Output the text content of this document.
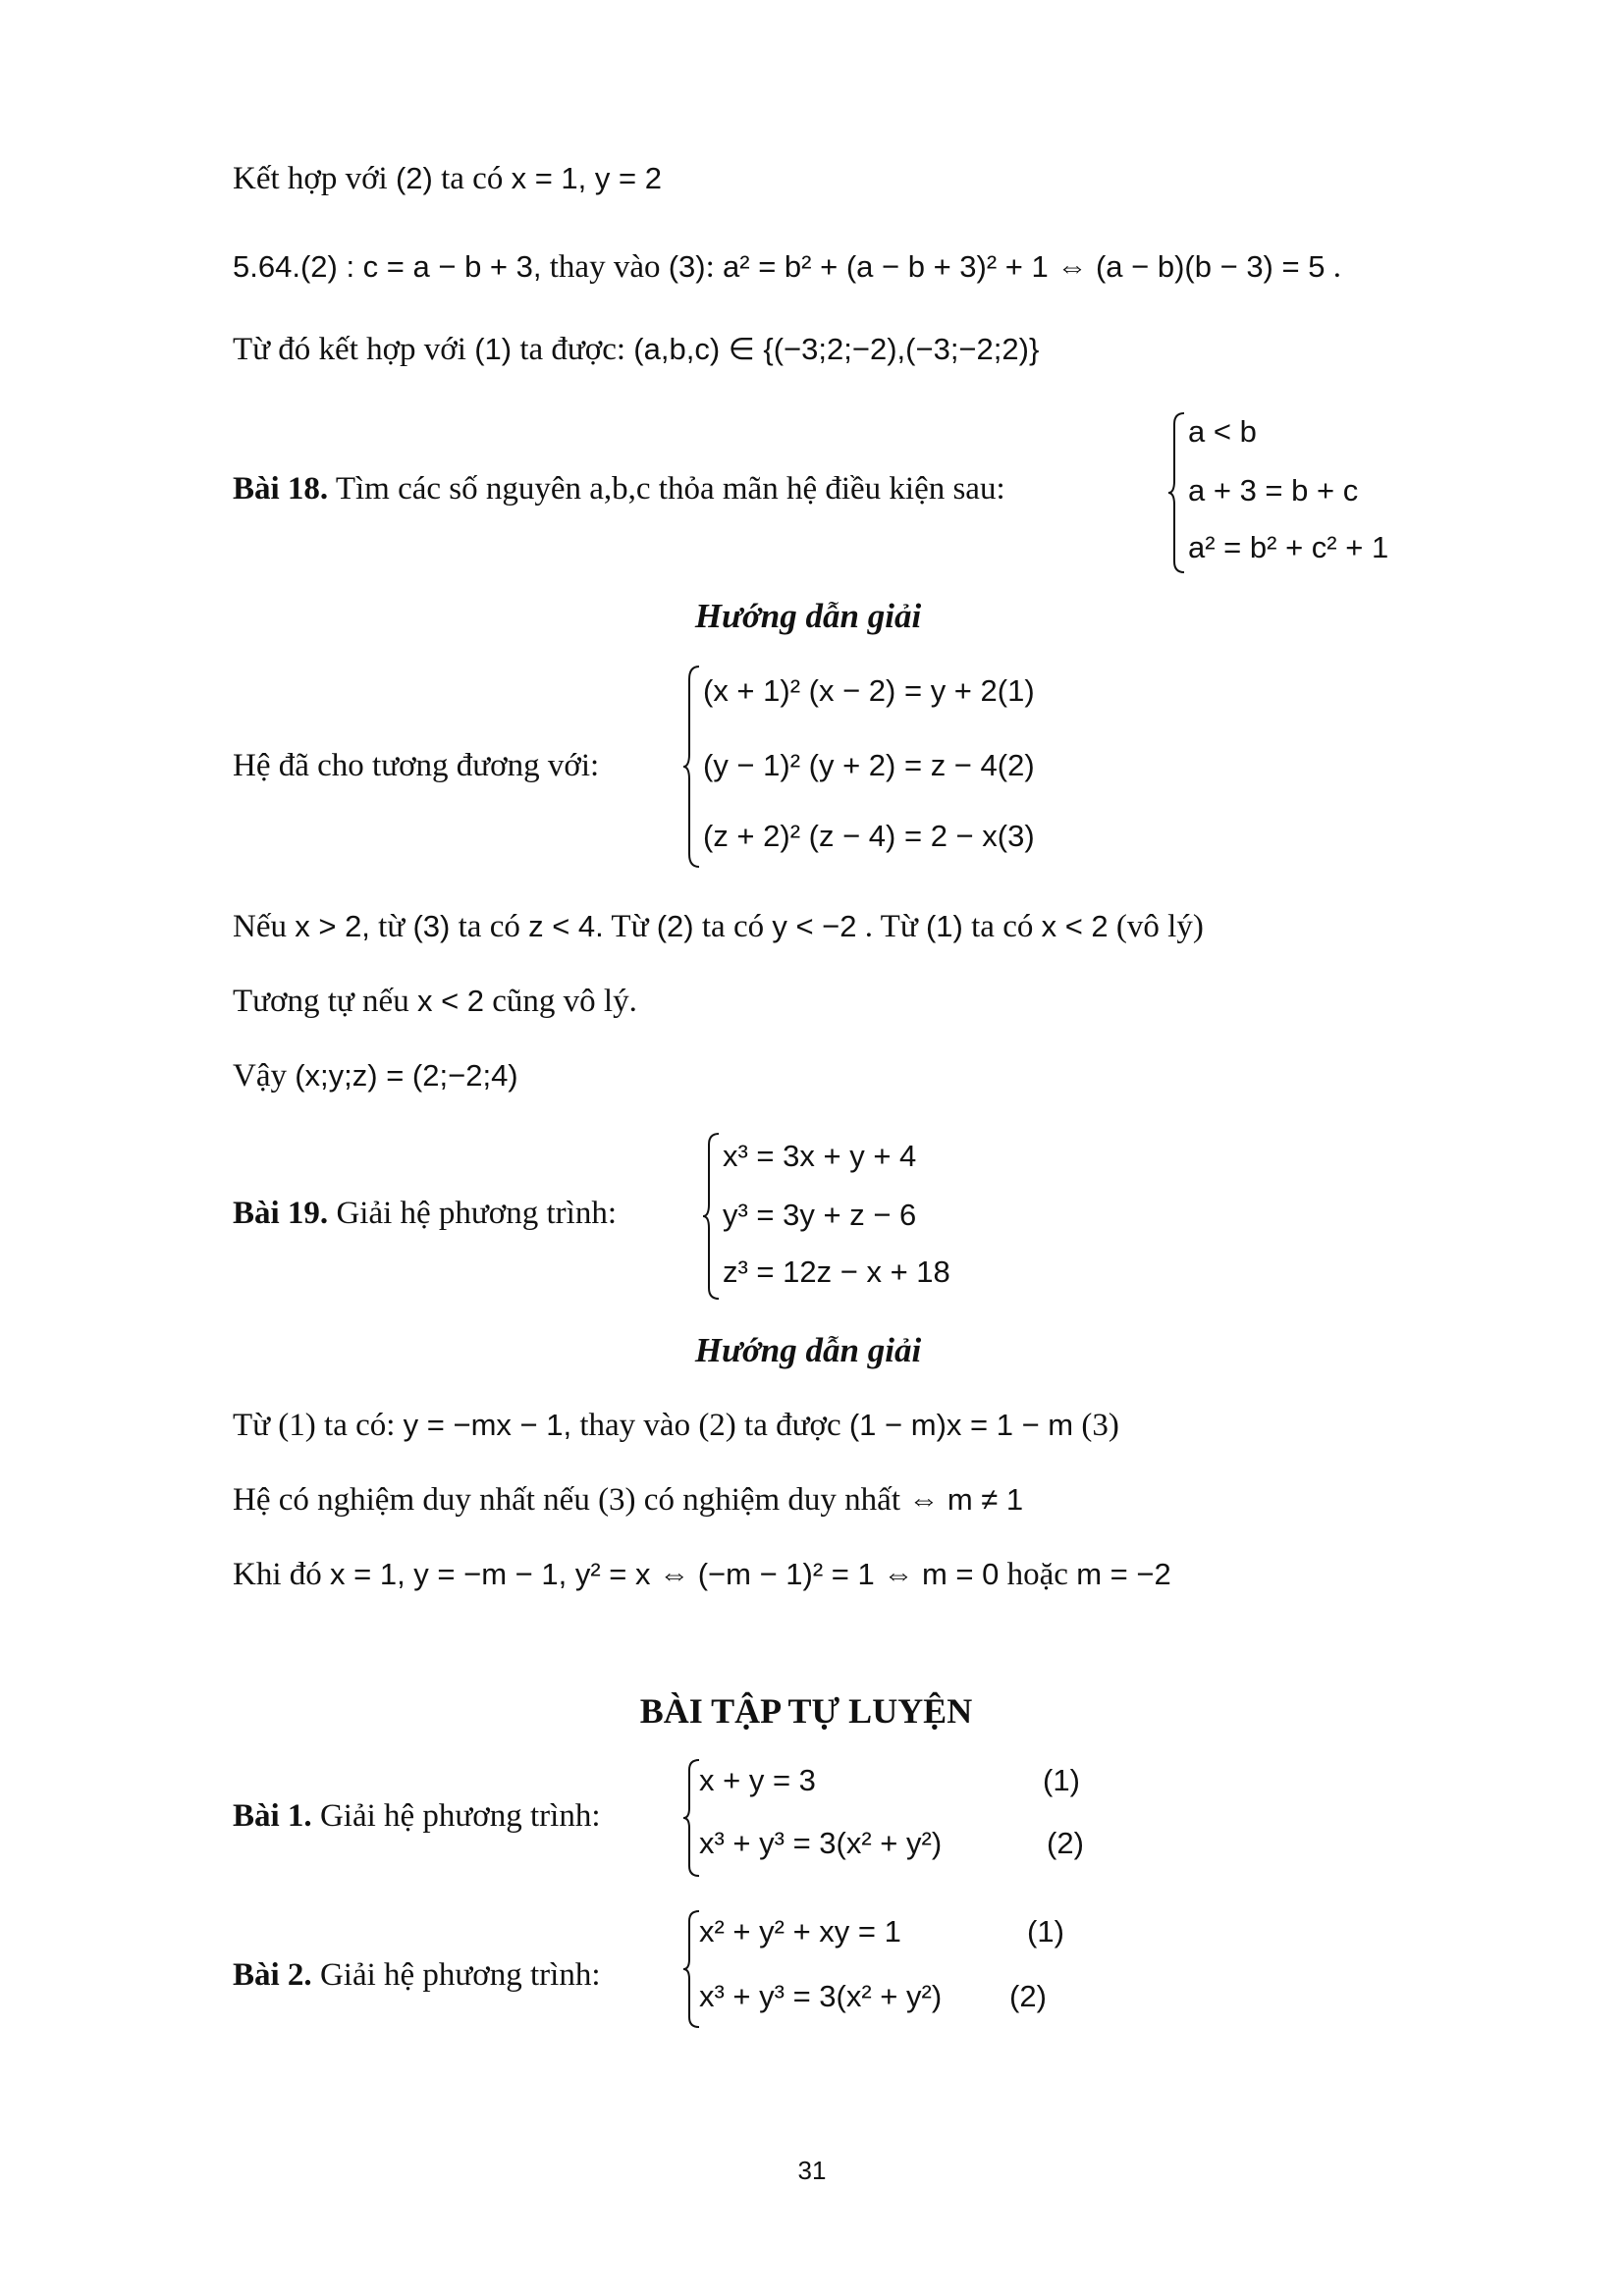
Kết hợp với (2) ta có x = 1, y = 2
5.64.(2) : c = a − b + 3, thay vào (3): a² = b² + (a − b + 3)² + 1 ⇔ (a − b)(b − 3) = 5 .
Từ đó kết hợp với (1) ta được: (a,b,c) ∈ {(−3;2;−2),(−3;−2;2)}
Bài 18. Tìm các số nguyên a,b,c thỏa mãn hệ điều kiện sau:
a < b
a + 3 = b + c
a² = b² + c² + 1
Hướng dẫn giải
Hệ đã cho tương đương với:
(x + 1)² (x − 2) = y + 2(1)
(y − 1)² (y + 2) = z − 4(2)
(z + 2)² (z − 4) = 2 − x(3)
Nếu x > 2, từ (3) ta có z < 4. Từ (2) ta có y < −2 . Từ (1) ta có x < 2 (vô lý)
Tương tự nếu x < 2 cũng vô lý.
Vậy (x;y;z) = (2;−2;4)
Bài 19. Giải hệ phương trình:
x³ = 3x + y + 4
y³ = 3y + z − 6
z³ = 12z − x + 18
Hướng dẫn giải
Từ (1) ta có: y = −mx − 1, thay vào (2) ta được (1 − m)x = 1 − m (3)
Hệ có nghiệm duy nhất nếu (3) có nghiệm duy nhất ⇔ m ≠ 1
Khi đó x = 1, y = −m − 1, y² = x ⇔ (−m − 1)² = 1 ⇔ m = 0 hoặc m = −2
BÀI TẬP TỰ LUYỆN
Bài 1. Giải hệ phương trình:
x + y = 3
x³ + y³ = 3(x² + y²)
(1)
(2)
Bài 2. Giải hệ phương trình:
x² + y² + xy = 1
x³ + y³ = 3(x² + y²)
(1)
(2)
31
